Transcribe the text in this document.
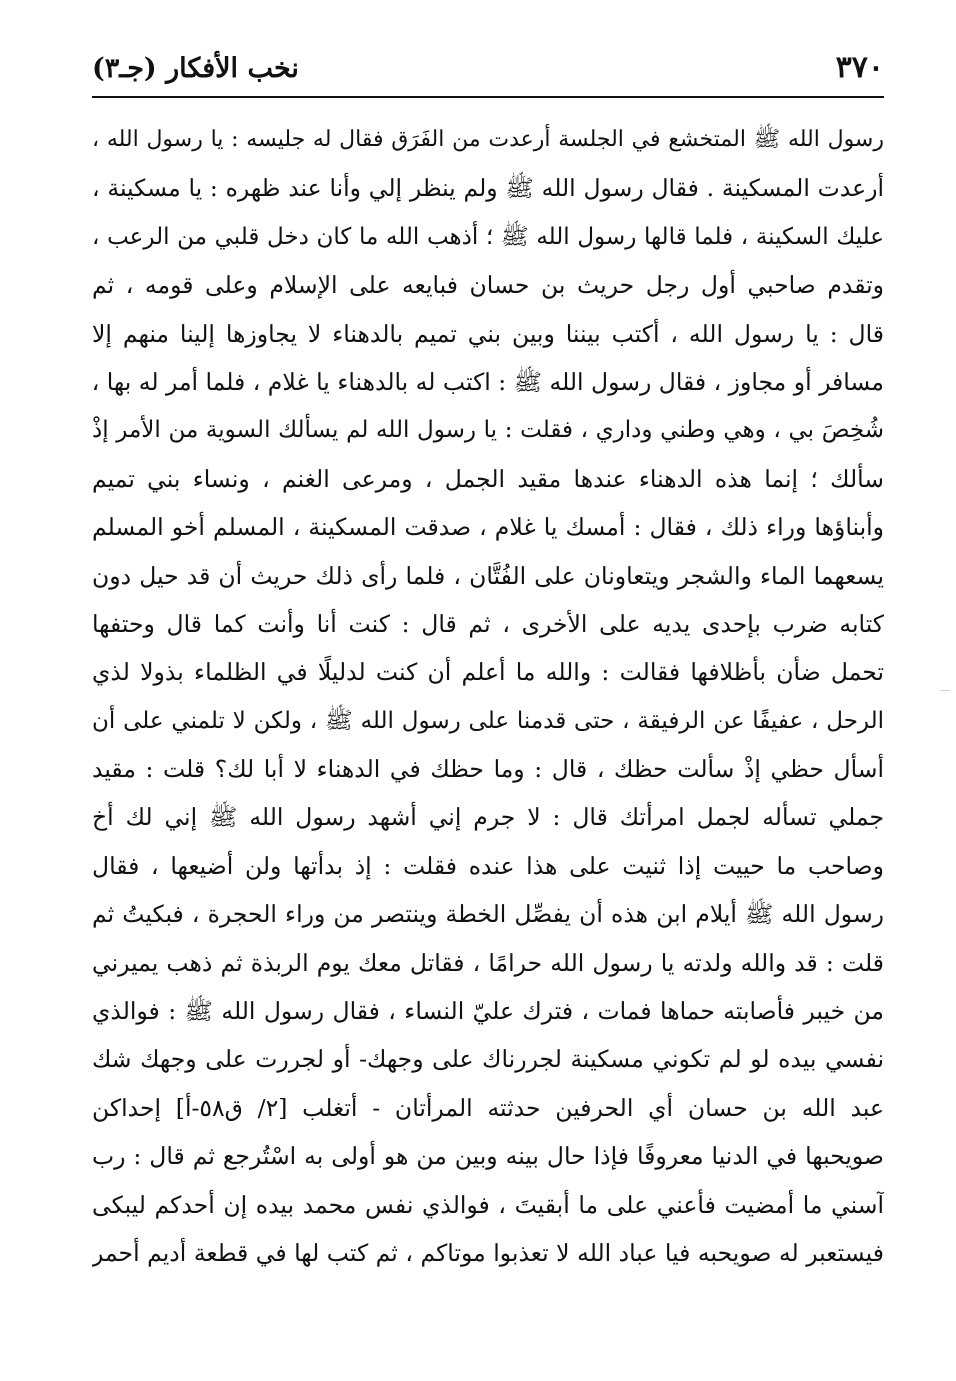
٣٧٠
نخب الأفكار (جـ٣)
رسول الله ﷺ المتخشع في الجلسة أرعدت من الفَرَق فقال له جليسه : يا رسول الله ،
أرعدت المسكينة . فقال رسول الله ﷺ ولم ينظر إلي وأنا عند ظهره : يا مسكينة ،
عليك السكينة ، فلما قالها رسول الله ﷺ ؛ أذهب الله ما كان دخل قلبي من الرعب ،
وتقدم صاحبي أول رجل حريث بن حسان فبايعه على الإسلام وعلى قومه ، ثم
قال : يا رسول الله ، أكتب بيننا وبين بني تميم بالدهناء لا يجاوزها إلينا منهم إلا
مسافر أو مجاوز ، فقال رسول الله ﷺ : اكتب له بالدهناء يا غلام ، فلما أمر له بها ،
شُخِصَ بي ، وهي وطني وداري ، فقلت : يا رسول الله لم يسألك السوية من الأمر إذْ
سألك ؛ إنما هذه الدهناء عندها مقيد الجمل ، ومرعى الغنم ، ونساء بني تميم
وأبناؤها وراء ذلك ، فقال : أمسك يا غلام ، صدقت المسكينة ، المسلم أخو المسلم
يسعهما الماء والشجر ويتعاونان على الفُتَّان ، فلما رأى ذلك حريث أن قد حيل دون
كتابه ضرب بإحدى يديه على الأخرى ، ثم قال : كنت أنا وأنت كما قال وحتفها
تحمل ضأن بأظلافها فقالت : والله ما أعلم أن كنت لدليلًا في الظلماء بذولا لذي
الرحل ، عفيفًا عن الرفيقة ، حتى قدمنا على رسول الله ﷺ ، ولكن لا تلمني على أن
أسأل حظي إذْ سألت حظك ، قال : وما حظك في الدهناء لا أبا لك؟ قلت : مقيد
جملي تسأله لجمل امرأتك قال : لا جرم إني أشهد رسول الله ﷺ إني لك أخ
وصاحب ما حييت إذا ثنيت على هذا عنده فقلت : إذ بدأتها ولن أضيعها ، فقال
رسول الله ﷺ أيلام ابن هذه أن يفصِّل الخطة وينتصر من وراء الحجرة ، فبكيتُ ثم
قلت : قد والله ولدته يا رسول الله حرامًا ، فقاتل معك يوم الربذة ثم ذهب يميرني
من خيبر فأصابته حماها فمات ، فترك عليّ النساء ، فقال رسول الله ﷺ : فوالذي
نفسي بيده لو لم تكوني مسكينة لجررناك على وجهك- أو لجررت على وجهك شك
عبد الله بن حسان أي الحرفين حدثته المرأتان - أتغلب [٢/ ق٥٨-أ] إحداكن
صويحبها في الدنيا معروفًا فإذا حال بينه وبين من هو أولى به اسْتُرجع ثم قال : رب
آسني ما أمضيت فأعني على ما أبقيتَ ، فوالذي نفس محمد بيده إن أحدكم ليبكى
فيستعبر له صويحبه فيا عباد الله لا تعذبوا موتاكم ، ثم كتب لها في قطعة أديم أحمر
